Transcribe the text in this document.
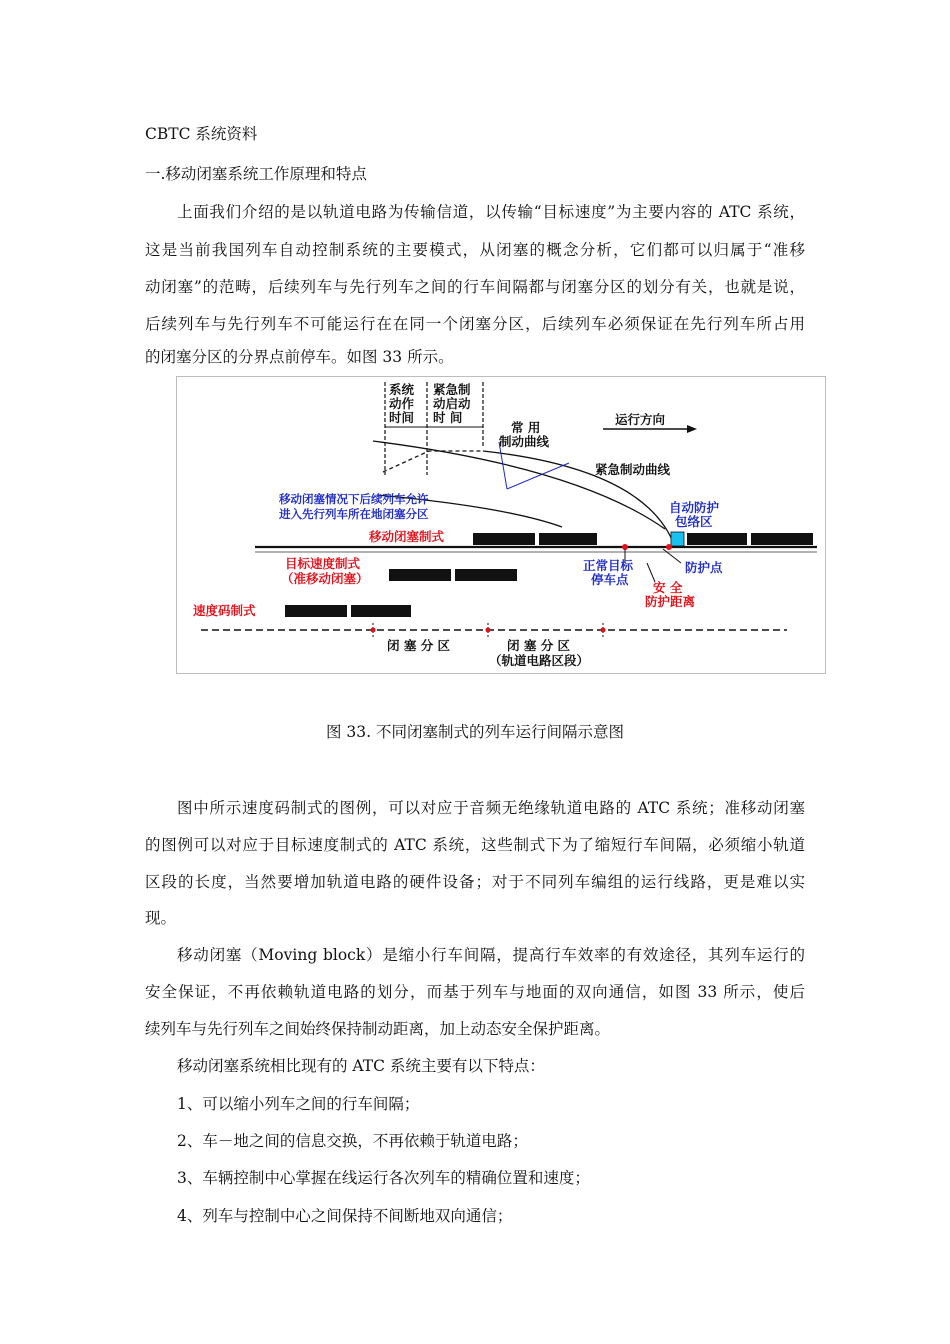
CBTC 系统资料
一.移动闭塞系统工作原理和特点
上面我们介绍的是以轨道电路为传输信道，以传输“目标速度”为主要内容的 ATC 系统，
这是当前我国列车自动控制系统的主要模式，从闭塞的概念分析，它们都可以归属于“准移
动闭塞”的范畴，后续列车与先行列车之间的行车间隔都与闭塞分区的划分有关，也就是说，
后续列车与先行列车不可能运行在在同一个闭塞分区，后续列车必须保证在先行列车所占用
的闭塞分区的分界点前停车。如图 33 所示。
系统
动作
时间
紧急制
动启动
时 间
常 用
制动曲线
运行方向
紧急制动曲线
移动闭塞情况下后续列车允许
进入先行列车所在地闭塞分区	自动防护
包络区
移动闭塞制式
目标速度制式
（准移动闭塞）
正常目标
停车点
防护点
安 全
防护距离
速度码制式
闭 塞 分 区	闭 塞 分 区
（轨道电路区段）
图 33. 不同闭塞制式的列车运行间隔示意图
图中所示速度码制式的图例，可以对应于音频无绝缘轨道电路的 ATC 系统；准移动闭塞
的图例可以对应于目标速度制式的 ATC 系统，这些制式下为了缩短行车间隔，必须缩小轨道
区段的长度，当然要增加轨道电路的硬件设备；对于不同列车编组的运行线路，更是难以实
现。
移动闭塞（Moving block）是缩小行车间隔，提高行车效率的有效途径，其列车运行的
安全保证，不再依赖轨道电路的划分，而基于列车与地面的双向通信，如图 33 所示，使后
续列车与先行列车之间始终保持制动距离，加上动态安全保护距离。
移动闭塞系统相比现有的 ATC 系统主要有以下特点：
1、可以缩小列车之间的行车间隔；
2、车－地之间的信息交换，不再依赖于轨道电路；
3、车辆控制中心掌握在线运行各次列车的精确位置和速度；
4、列车与控制中心之间保持不间断地双向通信；
